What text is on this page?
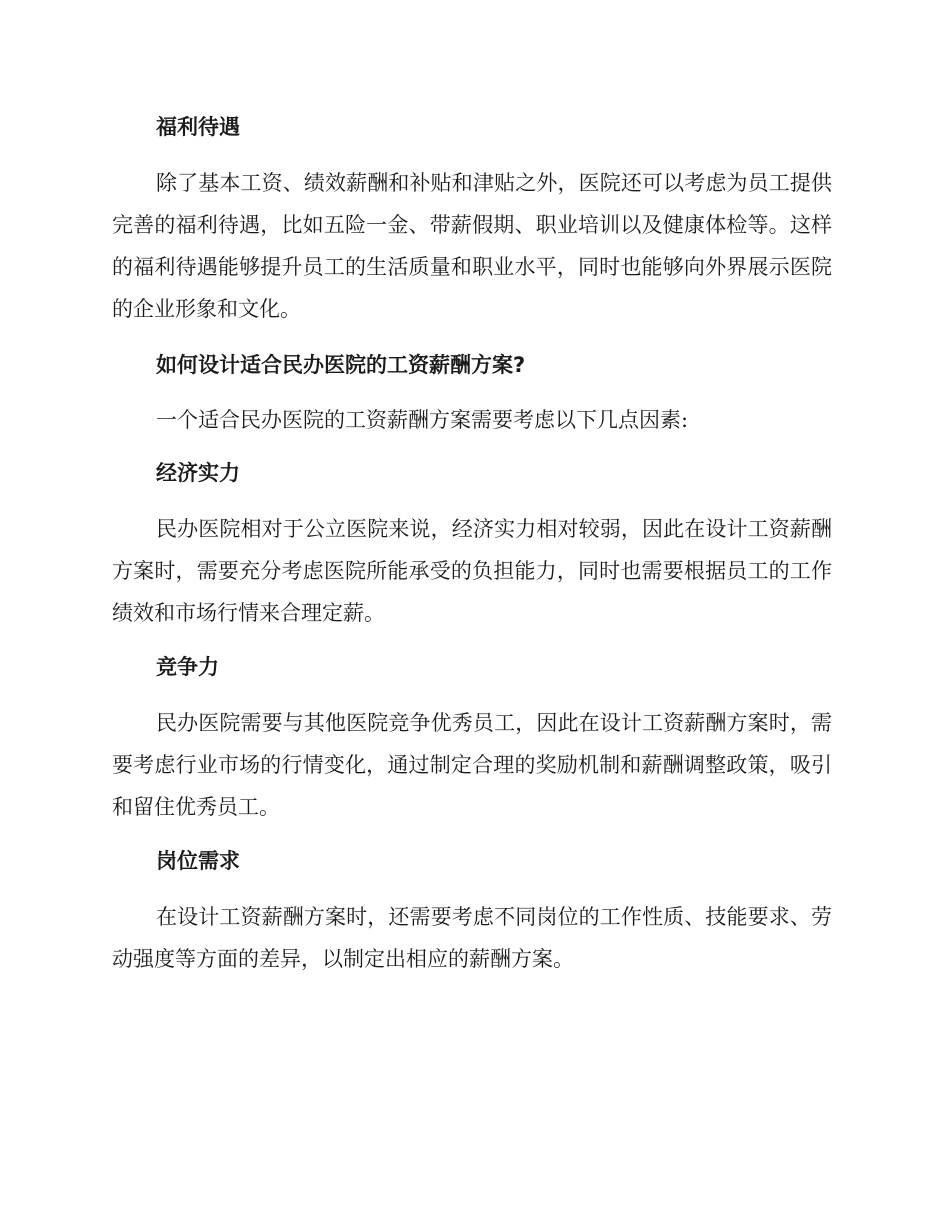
福利待遇
除了基本工资、绩效薪酬和补贴和津贴之外，医院还可以考虑为员工提供完善的福利待遇，比如五险一金、带薪假期、职业培训以及健康体检等。这样的福利待遇能够提升员工的生活质量和职业水平，同时也能够向外界展示医院的企业形象和文化。
如何设计适合民办医院的工资薪酬方案?
一个适合民办医院的工资薪酬方案需要考虑以下几点因素:
经济实力
民办医院相对于公立医院来说，经济实力相对较弱，因此在设计工资薪酬方案时，需要充分考虑医院所能承受的负担能力，同时也需要根据员工的工作绩效和市场行情来合理定薪。
竞争力
民办医院需要与其他医院竞争优秀员工，因此在设计工资薪酬方案时，需要考虑行业市场的行情变化，通过制定合理的奖励机制和薪酬调整政策，吸引和留住优秀员工。
岗位需求
在设计工资薪酬方案时，还需要考虑不同岗位的工作性质、技能要求、劳动强度等方面的差异，以制定出相应的薪酬方案。
